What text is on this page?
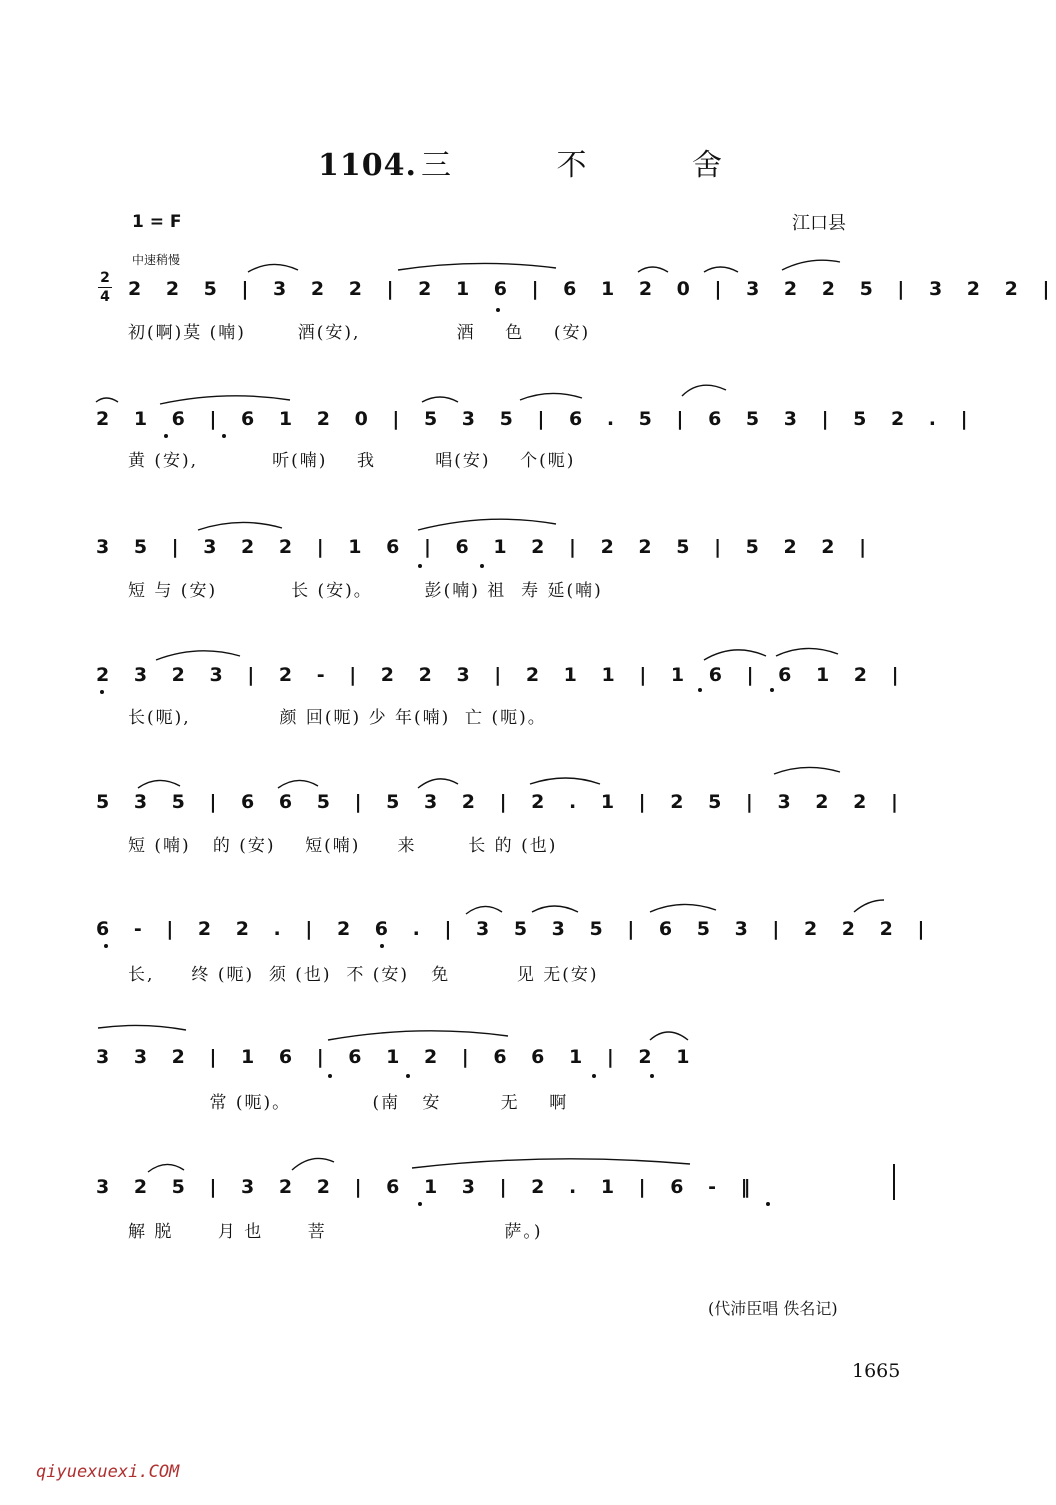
1104. 三 不 舍
1 = F
中速稍慢
江口县
2
4 2 2 5 | 3 2 2 | 2 1 6 | 6 1 2 0 | 3 2 2 5 | 3 2 2 |
初(啊)莫 (喃)       酒(安),             酒    色    (安)
2 1 6 | 6 1 2 0 | 5 3 5 | 6 . 5 | 6 5 3 | 5 2 . |
黄 (安),          听(喃)    我        唱(安)    个(呃)
3 5 | 3 2 2 | 1 6 | 6 1 2 | 2 2 5 | 5 2 2 |
短 与 (安)          长 (安)。       彭(喃) 祖  寿 延(喃)
2 3 2 3 | 2 - | 2 2 3 | 2 1 1 | 1 6 | 6 1 2 |
长(呃),            颜 回(呃) 少 年(喃)  亡 (呃)。
5 3 5 | 6 6 5 | 5 3 2 | 2 . 1 | 2 5 | 3 2 2 |
短 (喃)   的 (安)    短(喃)     来       长 的 (也)
6 - | 2 2 . | 2 6 . | 3 5 3 5 | 6 5 3 | 2 2 2 |
长,     终 (呃)  须 (也)  不 (安)   免         见 无(安)
3 3 2 | 1 6 | 6 1 2 | 6 6 1 | 2 1
常 (呃)。           (南   安        无    啊
3 2 5 | 3 2 2 | 6 1 3 | 2 . 1 | 6 - ‖
解 脱      月 也      菩                        萨。)
(代沛臣唱 佚名记)
1665
qiyuexuexi.COM
